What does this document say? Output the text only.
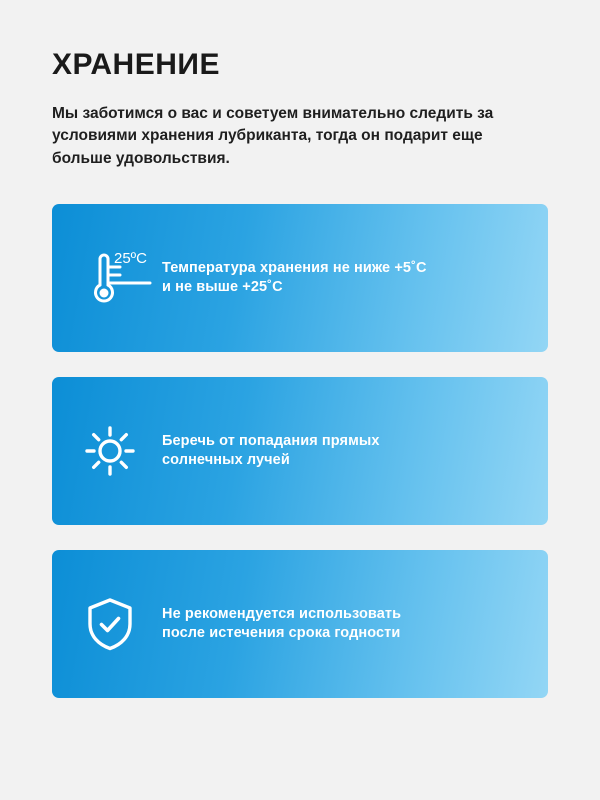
ХРАНЕНИЕ

Мы заботимся о вас и советуем внимательно следить за условиями хранения лубриканта, тогда он подарит еще больше удовольствия.

25ºC
Температура хранения не ниже +5˚С
и не выше +25˚С
Беречь от попадания прямых
солнечных лучей
Не рекомендуется использовать
после истечения срока годности
